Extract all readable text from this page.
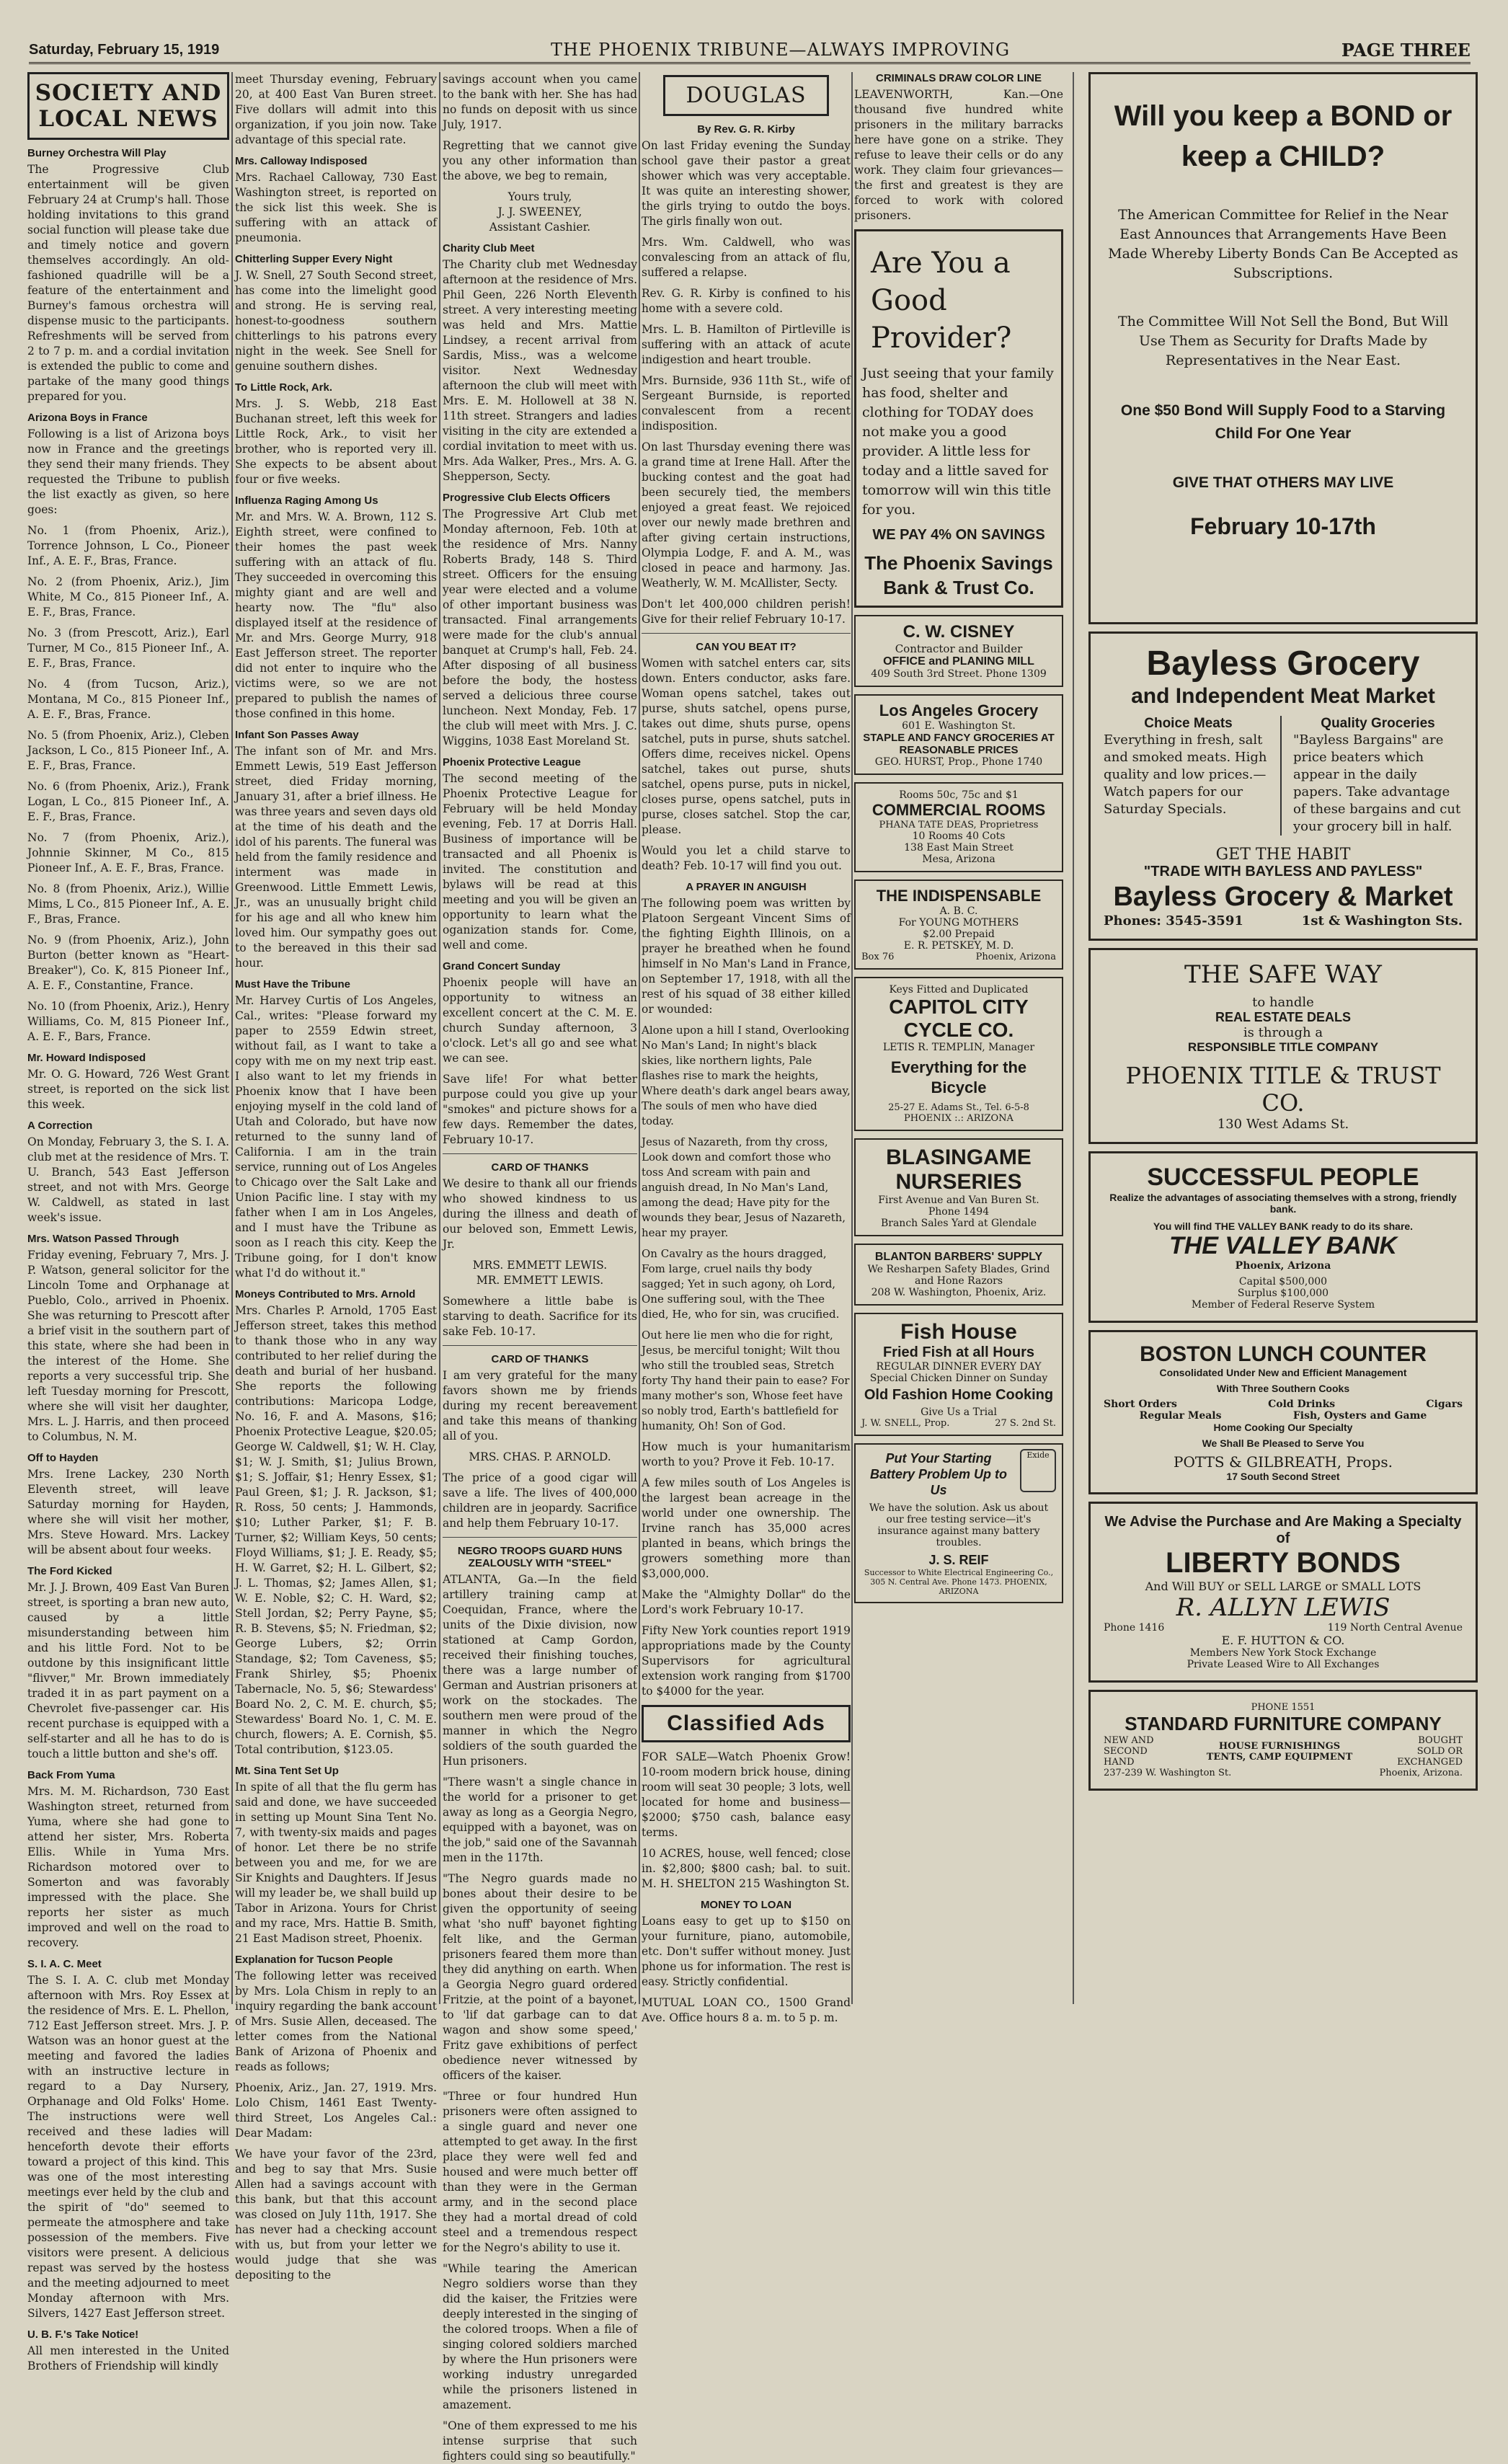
Saturday, February 15, 1919	THE PHOENIX TRIBUNE—ALWAYS IMPROVING	PAGE THREE
SOCIETY AND LOCAL NEWS
Burney Orchestra Will Play

The Progressive Club entertainment will be given February 24 at Crump's hall. Those holding invitations to this grand social function will please take due and timely notice and govern themselves accordingly. An old-fashioned quadrille will be a feature of the entertainment and Burney's famous orchestra will dispense music to the participants. Refreshments will be served from 2 to 7 p. m. and a cordial invitation is extended the public to come and partake of the many good things prepared for you.

Arizona Boys in France

Following is a list of Arizona boys now in France and the greetings they send their many friends. They requested the Tribune to publish the list exactly as given, so here goes:

No. 1 (from Phoenix, Ariz.), Torrence Johnson, L Co., Pioneer Inf., A. E. F., Bras, France.

No. 2 (from Phoenix, Ariz.), Jim White, M Co., 815 Pioneer Inf., A. E. F., Bras, France.

No. 3 (from Prescott, Ariz.), Earl Turner, M Co., 815 Pioneer Inf., A. E. F., Bras, France.

No. 4 (from Tucson, Ariz.), Montana, M Co., 815 Pioneer Inf., A. E. F., Bras, France.

No. 5 (from Phoenix, Ariz.), Cleben Jackson, L Co., 815 Pioneer Inf., A. E. F., Bras, France.

No. 6 (from Phoenix, Ariz.), Frank Logan, L Co., 815 Pioneer Inf., A. E. F., Bras, France.

No. 7 (from Phoenix, Ariz.), Johnnie Skinner, M Co., 815 Pioneer Inf., A. E. F., Bras, France.

No. 8 (from Phoenix, Ariz.), Willie Mims, L Co., 815 Pioneer Inf., A. E. F., Bras, France.

No. 9 (from Phoenix, Ariz.), John Burton (better known as "Heart-Breaker"), Co. K, 815 Pioneer Inf., A. E. F., Constantine, France.

No. 10 (from Phoenix, Ariz.), Henry Williams, Co. M, 815 Pioneer Inf., A. E. F., Bars, France.

Mr. Howard Indisposed

Mr. O. G. Howard, 726 West Grant street, is reported on the sick list this week.

A Correction

On Monday, February 3, the S. I. A. club met at the residence of Mrs. T. U. Branch, 543 East Jefferson street, and not with Mrs. George W. Caldwell, as stated in last week's issue.

Mrs. Watson Passed Through

Friday evening, February 7, Mrs. J. P. Watson, general solicitor for the Lincoln Tome and Orphanage at Pueblo, Colo., arrived in Phoenix. She was returning to Prescott after a brief visit in the southern part of this state, where she had been in the interest of the Home. She reports a very successful trip. She left Tuesday morning for Prescott, where she will visit her daughter, Mrs. L. J. Harris, and then proceed to Columbus, N. M.

Off to Hayden

Mrs. Irene Lackey, 230 North Eleventh street, will leave Saturday morning for Hayden, where she will visit her mother, Mrs. Steve Howard. Mrs. Lackey will be absent about four weeks.

The Ford Kicked

Mr. J. J. Brown, 409 East Van Buren street, is sporting a bran new auto, caused by a little misunderstanding between him and his little Ford. Not to be outdone by this insignificant little "flivver," Mr. Brown immediately traded it in as part payment on a Chevrolet five-passenger car. His recent purchase is equipped with a self-starter and all he has to do is touch a little button and she's off.

Back From Yuma

Mrs. M. M. Richardson, 730 East Washington street, returned from Yuma, where she had gone to attend her sister, Mrs. Roberta Ellis. While in Yuma Mrs. Richardson motored over to Somerton and was favorably impressed with the place. She reports her sister as much improved and well on the road to recovery.

S. I. A. C. Meet

The S. I. A. C. club met Monday afternoon with Mrs. Roy Essex at the residence of Mrs. E. L. Phellon, 712 East Jefferson street. Mrs. J. P. Watson was an honor guest at the meeting and favored the ladies with an instructive lecture in regard to a Day Nursery, Orphanage and Old Folks' Home. The instructions were well received and these ladies will henceforth devote their efforts toward a project of this kind. This was one of the most interesting meetings ever held by the club and the spirit of "do" seemed to permeate the atmosphere and take possession of the members. Five visitors were present. A delicious repast was served by the hostess and the meeting adjourned to meet Monday afternoon with Mrs. Silvers, 1427 East Jefferson street.

U. B. F.'s Take Notice!

All men interested in the United Brothers of Friendship will kindly

meet Thursday evening, February 20, at 400 East Van Buren street. Five dollars will admit into this organization, if you join now. Take advantage of this special rate.

Mrs. Calloway Indisposed

Mrs. Rachael Calloway, 730 East Washington street, is reported on the sick list this week. She is suffering with an attack of pneumonia.

Chitterling Supper Every Night

J. W. Snell, 27 South Second street, has come into the limelight good and strong. He is serving real, honest-to-goodness southern chitterlings to his patrons every night in the week. See Snell for genuine southern dishes.

To Little Rock, Ark.

Mrs. J. S. Webb, 218 East Buchanan street, left this week for Little Rock, Ark., to visit her brother, who is reported very ill. She expects to be absent about four or five weeks.

Influenza Raging Among Us

Mr. and Mrs. W. A. Brown, 112 S. Eighth street, were confined to their homes the past week suffering with an attack of flu. They succeeded in overcoming this mighty giant and are well and hearty now. The "flu" also displayed itself at the residence of Mr. and Mrs. George Murry, 918 East Jefferson street. The reporter did not enter to inquire who the victims were, so we are not prepared to publish the names of those confined in this home.

Infant Son Passes Away

The infant son of Mr. and Mrs. Emmett Lewis, 519 East Jefferson street, died Friday morning, January 31, after a brief illness. He was three years and seven days old at the time of his death and the idol of his parents. The funeral was held from the family residence and interment was made in Greenwood. Little Emmett Lewis, Jr., was an unusually bright child for his age and all who knew him loved him. Our sympathy goes out to the bereaved in this their sad hour.

Must Have the Tribune

Mr. Harvey Curtis of Los Angeles, Cal., writes: "Please forward my paper to 2559 Edwin street, without fail, as I want to take a copy with me on my next trip east. I also want to let my friends in Phoenix know that I have been enjoying myself in the cold land of Utah and Colorado, but have now returned to the sunny land of California. I am in the train service, running out of Los Angeles to Chicago over the Salt Lake and Union Pacific line. I stay with my father when I am in Los Angeles, and I must have the Tribune as soon as I reach this city. Keep the Tribune going, for I don't know what I'd do without it."

Moneys Contributed to Mrs. Arnold

Mrs. Charles P. Arnold, 1705 East Jefferson street, takes this method to thank those who in any way contributed to her relief during the death and burial of her husband. She reports the following contributions: Maricopa Lodge, No. 16, F. and A. Masons, $16; Phoenix Protective League, $20.05; George W. Caldwell, $1; W. H. Clay, $1; W. J. Smith, $1; Julius Brown, $1; S. Joffair, $1; Henry Essex, $1; Paul Green, $1; J. R. Jackson, $1; R. Ross, 50 cents; J. Hammonds, $10; Luther Parker, $1; F. B. Turner, $2; William Keys, 50 cents; Floyd Williams, $1; J. E. Ready, $5; H. W. Garret, $2; H. L. Gilbert, $2; J. L. Thomas, $2; James Allen, $1; W. E. Noble, $2; C. H. Ward, $2; Stell Jordan, $2; Perry Payne, $5; R. B. Stevens, $5; N. Friedman, $2; George Lubers, $2; Orrin Standage, $2; Tom Caveness, $5; Frank Shirley, $5; Phoenix Tabernacle, No. 5, $6; Stewardess' Board No. 2, C. M. E. church, $5; Stewardess' Board No. 1, C. M. E. church, flowers; A. E. Cornish, $5. Total contribution, $123.05.

Mt. Sina Tent Set Up

In spite of all that the flu germ has said and done, we have succeeded in setting up Mount Sina Tent No. 7, with twenty-six maids and pages of honor. Let there be no strife between you and me, for we are Sir Knights and Daughters. If Jesus will my leader be, we shall build up Tabor in Arizona. Yours for Christ and my race, Mrs. Hattie B. Smith, 21 East Madison street, Phoenix.

Explanation for Tucson People

The following letter was received by Mrs. Lola Chism in reply to an inquiry regarding the bank account of Mrs. Susie Allen, deceased. The letter comes from the National Bank of Arizona of Phoenix and reads as follows;

Phoenix, Ariz., Jan. 27, 1919. Mrs. Lolo Chism, 1461 East Twenty-third Street, Los Angeles Cal.: Dear Madam:

We have your favor of the 23rd, and beg to say that Mrs. Susie Allen had a savings account with this bank, but that this account was closed on July 11th, 1917. She has never had a checking account with us, but from your letter we would judge that she was depositing to the

savings account when you came to the bank with her. She has had no funds on deposit with us since July, 1917.

Regretting that we cannot give you any other information than the above, we beg to remain,

Yours truly,

J. J. SWEENEY,

Assistant Cashier.

Charity Club Meet

The Charity club met Wednesday afternoon at the residence of Mrs. Phil Geen, 226 North Eleventh street. A very interesting meeting was held and Mrs. Mattie Lindsey, a recent arrival from Sardis, Miss., was a welcome visitor. Next Wednesday afternoon the club will meet with Mrs. E. M. Hollowell at 38 N. 11th street. Strangers and ladies visiting in the city are extended a cordial invitation to meet with us. Mrs. Ada Walker, Pres., Mrs. A. G. Shepperson, Secty.

Progressive Club Elects Officers

The Progressive Art Club met Monday afternoon, Feb. 10th at the residence of Mrs. Nanny Roberts Brady, 148 S. Third street. Officers for the ensuing year were elected and a volume of other important business was transacted. Final arrangements were made for the club's annual banquet at Crump's hall, Feb. 24. After disposing of all business before the body, the hostess served a delicious three course luncheon. Next Monday, Feb. 17 the club will meet with Mrs. J. C. Wiggins, 1038 East Moreland St.

Phoenix Protective League

The second meeting of the Phoenix Protective League for February will be held Monday evening, Feb. 17 at Dorris Hall. Business of importance will be transacted and all Phoenix is invited. The constitution and bylaws will be read at this meeting and you will be given an opportunity to learn what the oganization stands for. Come, well and come.

Grand Concert Sunday

Phoenix people will have an opportunity to witness an excellent concert at the C. M. E. church Sunday afternoon, 3 o'clock. Let's all go and see what we can see.

Save life! For what better purpose could you give up your "smokes" and picture shows for a few days. Remember the dates, February 10-17.

CARD OF THANKS

We desire to thank all our friends who showed kindness to us during the illness and death of our beloved son, Emmett Lewis, Jr.

MRS. EMMETT LEWIS.

MR. EMMETT LEWIS.

Somewhere a little babe is starving to death. Sacrifice for its sake Feb. 10-17.

CARD OF THANKS

I am very grateful for the many favors shown me by friends during my recent bereavement and take this means of thanking all of you.

MRS. CHAS. P. ARNOLD.

The price of a good cigar will save a life. The lives of 400,000 children are in jeopardy. Sacrifice and help them February 10-17.

NEGRO TROOPS GUARD HUNS ZEALOUSLY WITH "STEEL"

ATLANTA, Ga.—In the field artillery training camp at Coequidan, France, where the units of the Dixie division, now stationed at Camp Gordon, received their finishing touches, there was a large number of German and Austrian prisoners at work on the stockades. The southern men were proud of the manner in which the Negro soldiers of the south guarded the Hun prisoners.

"There wasn't a single chance in the world for a prisoner to get away as long as a Georgia Negro, equipped with a bayonet, was on the job," said one of the Savannah men in the 117th.

"The Negro guards made no bones about their desire to be given the opportunity of seeing what 'sho nuff' bayonet fighting felt like, and the German prisoners feared them more than they did anything on earth. When a Georgia Negro guard ordered Fritzie, at the point of a bayonet, to 'lif dat garbage can to dat wagon and show some speed,' Fritz gave exhibitions of perfect obedience never witnessed by officers of the kaiser.

"Three or four hundred Hun prisoners were often assigned to a single guard and never one attempted to get away. In the first place they were well fed and housed and were much better off than they were in the German army, and in the second place they had a mortal dread of cold steel and a tremendous respect for the Negro's ability to use it.

"While tearing the American Negro soldiers worse than they did the kaiser, the Fritzies were deeply interested in the singing of the colored troops. When a file of singing colored soldiers marched by where the Hun prisoners were working industry unregarded while the prisoners listened in amazement.

"One of them expressed to me his intense surprise that such fighters could sing so beautifully."

DOUGLAS
By Rev. G. R. Kirby

On last Friday evening the Sunday school gave their pastor a great shower which was very acceptable. It was quite an interesting shower, the girls trying to outdo the boys. The girls finally won out.

Mrs. Wm. Caldwell, who was convalescing from an attack of flu, suffered a relapse.

Rev. G. R. Kirby is confined to his home with a severe cold.

Mrs. L. B. Hamilton of Pirtleville is suffering with an attack of acute indigestion and heart trouble.

Mrs. Burnside, 936 11th St., wife of Sergeant Burnside, is reported convalescent from a recent indisposition.

On last Thursday evening there was a grand time at Irene Hall. After the bucking contest and the goat had been securely tied, the members enjoyed a great feast. We rejoiced over our newly made brethren and after giving certain instructions, Olympia Lodge, F. and A. M., was closed in peace and harmony. Jas. Weatherly, W. M. McAllister, Secty.

Don't let 400,000 children perish! Give for their relief February 10-17.

CAN YOU BEAT IT?

Women with satchel enters car, sits down. Enters conductor, asks fare. Woman opens satchel, takes out purse, shuts satchel, opens purse, takes out dime, shuts purse, opens satchel, puts in purse, shuts satchel. Offers dime, receives nickel. Opens satchel, takes out purse, shuts satchel, opens purse, puts in nickel, closes purse, opens satchel, puts in purse, closes satchel. Stop the car, please.

Would you let a child starve to death? Feb. 10-17 will find you out.

A PRAYER IN ANGUISH

The following poem was written by Platoon Sergeant Vincent Sims of the fighting Eighth Illinois, on a prayer he breathed when he found himself in No Man's Land in France, on September 17, 1918, with all the rest of his squad of 38 either killed or wounded:

Alone upon a hill I stand, Overlooking No Man's Land; In night's black skies, like northern lights, Pale flashes rise to mark the heights, Where death's dark angel bears away, The souls of men who have died today.

Jesus of Nazareth, from thy cross, Look down and comfort those who toss And scream with pain and anguish dread, In No Man's Land, among the dead; Have pity for the wounds they bear, Jesus of Nazareth, hear my prayer.

On Cavalry as the hours dragged, Fom large, cruel nails thy body sagged; Yet in such agony, oh Lord, One suffering soul, with the Thee died, He, who for sin, was crucified.

Out here lie men who die for right, Jesus, be merciful tonight; Wilt thou who still the troubled seas, Stretch forty Thy hand their pain to ease? For many mother's son, Whose feet have so nobly trod, Earth's battlefield for humanity, Oh! Son of God.

How much is your humanitarism worth to you? Prove it Feb. 10-17.

A few miles south of Los Angeles is the largest bean acreage in the world under one ownership. The Irvine ranch has 35,000 acres planted in beans, which brings the growers something more than $3,000,000.

Make the "Almighty Dollar" do the Lord's work February 10-17.

Fifty New York counties report 1919 appropriations made by the County Supervisors for agricultural extension work ranging from $1700 to $4000 for the year.

Classified Ads

FOR SALE—Watch Phoenix Grow! 10-room modern brick house, dining room will seat 30 people; 3 lots, well located for home and business—$2000; $750 cash, balance easy terms.

10 ACRES, house, well fenced; close in. $2,800; $800 cash; bal. to suit. M. H. SHELTON 215 Washington St.

MONEY TO LOAN

Loans easy to get up to $150 on your furniture, piano, automobile, etc. Don't suffer without money. Just phone us for information. The rest is easy. Strictly confidential.

MUTUAL LOAN CO., 1500 Grand Ave. Office hours 8 a. m. to 5 p. m.

CRIMINALS DRAW COLOR LINE

LEAVENWORTH, Kan.—One thousand five hundred white prisoners in the military barracks here have gone on a strike. They refuse to leave their cells or do any work. They claim four grievances—the first and greatest is they are forced to work with colored prisoners.

Are You a Good Provider?

Just seeing that your family has food, shelter and clothing for TODAY does not make you a good provider. A little less for today and a little saved for tomorrow will win this title for you.

WE PAY 4% ON SAVINGS
The Phoenix Savings Bank & Trust Co.
C. W. CISNEY
Contractor and Builder
OFFICE and PLANING MILL
409 South 3rd Street. Phone 1309
Los Angeles Grocery
601 E. Washington St.
STAPLE AND FANCY GROCERIES AT REASONABLE PRICES
GEO. HURST, Prop., Phone 1740
Rooms 50c, 75c and $1
COMMERCIAL ROOMS
PHANA TATE DEAS, Proprietress
10 Rooms 40 Cots
138 East Main Street
Mesa, Arizona
THE INDISPENSABLE
A. B. C.
For YOUNG MOTHERS
$2.00 Prepaid
E. R. PETSKEY, M. D.
Box 76	Phoenix, Arizona
Keys Fitted and Duplicated
CAPITOL CITY CYCLE CO.
LETIS R. TEMPLIN, Manager
Everything for the Bicycle
25-27 E. Adams St., Tel. 6-5-8
PHOENIX :.: ARIZONA
BLASINGAME NURSERIES
First Avenue and Van Buren St.
Phone 1494
Branch Sales Yard at Glendale
BLANTON BARBERS' SUPPLY
We Resharpen Safety Blades, Grind and Hone Razors
208 W. Washington, Phoenix, Ariz.
Fish House
Fried Fish at all Hours
REGULAR DINNER EVERY DAY
Special Chicken Dinner on Sunday
Old Fashion Home Cooking
Give Us a Trial
J. W. SNELL, Prop.	27 S. 2nd St.
Exide
Put Your Starting Battery Problem Up to Us
We have the solution. Ask us about our free testing service—it's insurance against many battery troubles.
J. S. REIF
Successor to White Electrical Engineering Co., 305 N. Central Ave. Phone 1473. PHOENIX, ARIZONA
Will you keep a BOND or keep a CHILD?

The American Committee for Relief in the Near East Announces that Arrangements Have Been Made Whereby Liberty Bonds Can Be Accepted as Subscriptions.

The Committee Will Not Sell the Bond, But Will Use Them as Security for Drafts Made by Representatives in the Near East.

One $50 Bond Will Supply Food to a Starving Child For One Year
GIVE THAT OTHERS MAY LIVE
February 10-17th
Bayless Grocery
and Independent Meat Market
Choice Meats
Everything in fresh, salt and smoked meats. High quality and low prices.—Watch papers for our Saturday Specials.
Quality Groceries
"Bayless Bargains" are price beaters which appear in the daily papers. Take advantage of these bargains and cut your grocery bill in half.
GET THE HABIT
"TRADE WITH BAYLESS AND PAYLESS"
Bayless Grocery & Market
Phones: 3545-3591	1st & Washington Sts.
THE SAFE WAY
to handle
REAL ESTATE DEALS
is through a
RESPONSIBLE TITLE COMPANY
PHOENIX TITLE & TRUST CO.
130 West Adams St.
SUCCESSFUL PEOPLE
Realize the advantages of associating themselves with a strong, friendly bank.
You will find THE VALLEY BANK ready to do its share.
THE VALLEY BANK
Phoenix, Arizona
Capital $500,000
Surplus $100,000
Member of Federal Reserve System
BOSTON LUNCH COUNTER
Consolidated Under New and Efficient Management
With Three Southern Cooks
Short Orders	Cold Drinks	Cigars
Regular Meals	Fish, Oysters and Game
Home Cooking Our Specialty
We Shall Be Pleased to Serve You
POTTS & GILBREATH, Props.
17 South Second Street
We Advise the Purchase and Are Making a Specialty of
LIBERTY BONDS
And Will BUY or SELL LARGE or SMALL LOTS
R. ALLYN LEWIS
Phone 1416	119 North Central Avenue
E. F. HUTTON & CO.
Members New York Stock Exchange
Private Leased Wire to All Exchanges
PHONE 1551
STANDARD FURNITURE COMPANY
NEW AND SECOND HAND
HOUSE FURNISHINGS
TENTS, CAMP EQUIPMENT
BOUGHT SOLD OR EXCHANGED
237-239 W. Washington St.	Phoenix, Arizona.
